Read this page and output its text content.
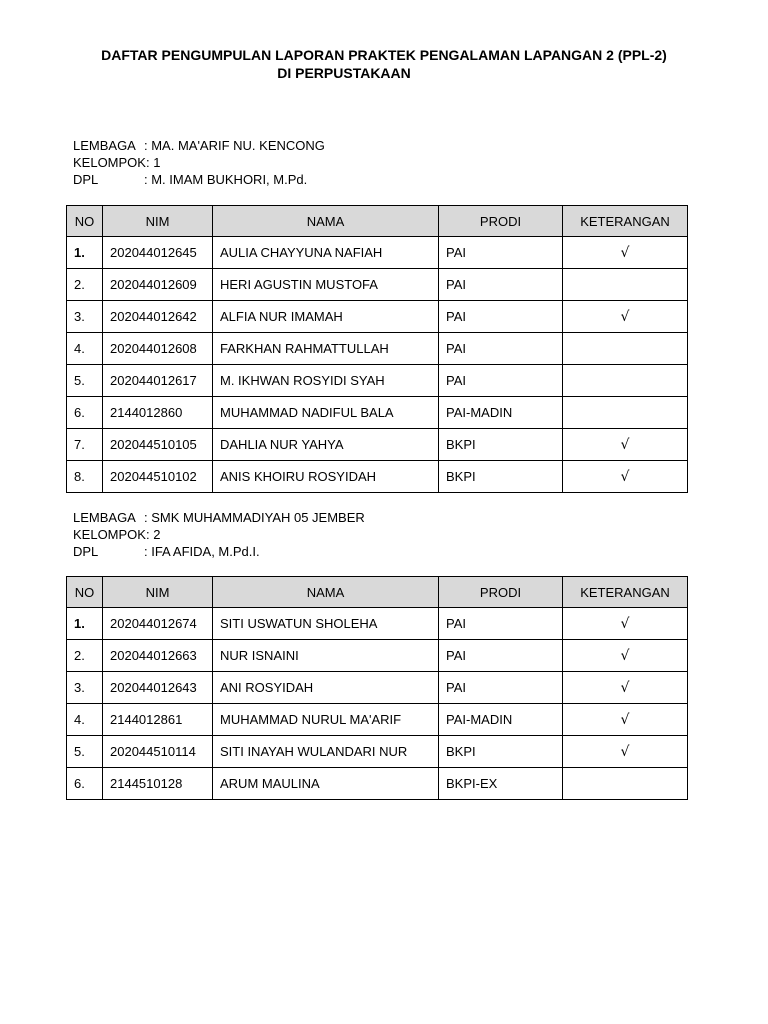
DAFTAR PENGUMPULAN LAPORAN PRAKTEK PENGALAMAN LAPANGAN 2 (PPL-2)
DI PERPUSTAKAAN
LEMBAGA : MA. MA'ARIF NU. KENCONG
KELOMPOK : 1
DPL	: M. IMAM BUKHORI, M.Pd.
NO	NIM	NAMA	PRODI	KETERANGAN
1.	202044012645	AULIA CHAYYUNA NAFIAH	PAI	√
2.	202044012609	HERI AGUSTIN MUSTOFA	PAI	
3.	202044012642	ALFIA NUR IMAMAH	PAI	√
4.	202044012608	FARKHAN RAHMATTULLAH	PAI	
5.	202044012617	M. IKHWAN ROSYIDI SYAH	PAI	
6.	2144012860	MUHAMMAD NADIFUL BALA	PAI-MADIN	
7.	202044510105	DAHLIA NUR YAHYA	BKPI	√
8.	202044510102	ANIS KHOIRU ROSYIDAH	BKPI	√
LEMBAGA : SMK MUHAMMADIYAH 05 JEMBER
KELOMPOK : 2
DPL	: IFA AFIDA, M.Pd.I.
NO	NIM	NAMA	PRODI	KETERANGAN
1.	202044012674	SITI USWATUN SHOLEHA	PAI	√
2.	202044012663	NUR ISNAINI	PAI	√
3.	202044012643	ANI ROSYIDAH	PAI	√
4.	2144012861	MUHAMMAD NURUL MA'ARIF	PAI-MADIN	√
5.	202044510114	SITI INAYAH WULANDARI NUR	BKPI	√
6.	2144510128	ARUM MAULINA	BKPI-EX	
